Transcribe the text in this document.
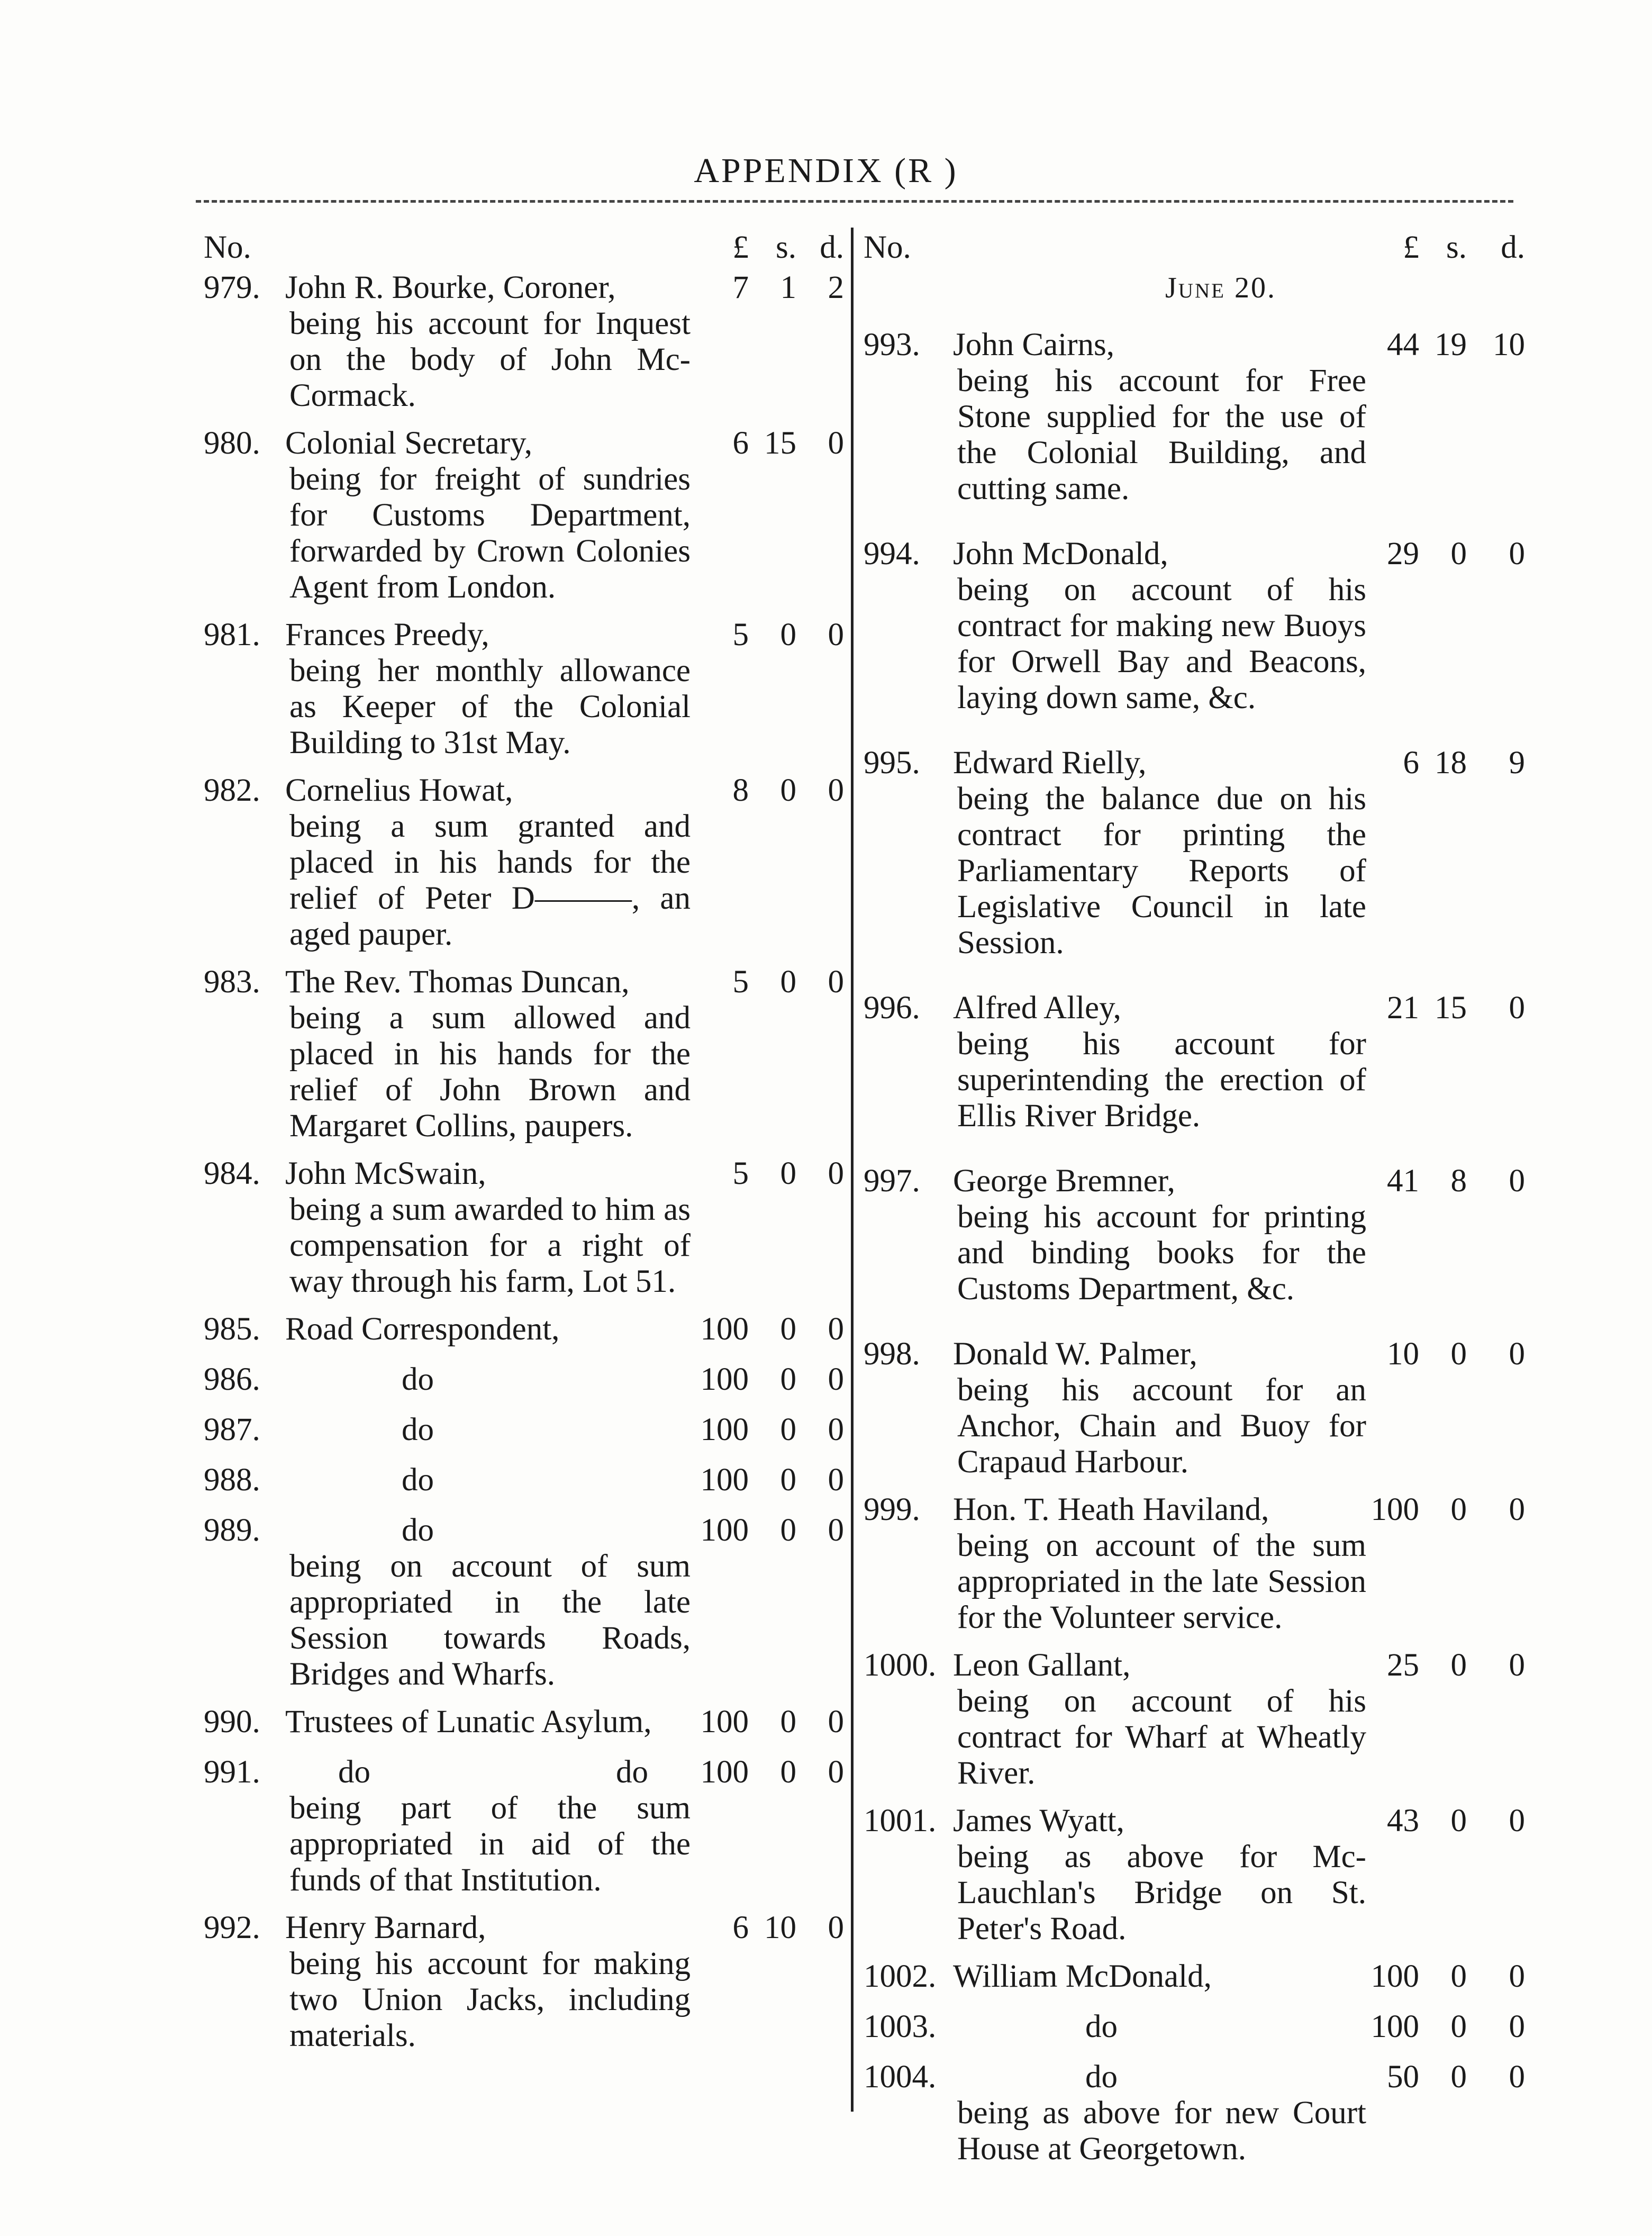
APPENDIX (R )
No.	£ s. d.
979. John R. Bourke, Coroner,
being his account for Inquest on the body of John Mc-Cormack.
7 1 2
980. Colonial Secretary,
being for freight of sundries for Customs Department, forwarded by Crown Colonies Agent from London.
6 15 0
981. Frances Preedy,
being her monthly allowance as Keeper of the Colonial Building to 31st May.
5 0 0
982. Cornelius Howat,
being a sum granted and placed in his hands for the relief of Peter D———, an aged pauper.
8 0 0
983. The Rev. Thomas Duncan,
being a sum allowed and placed in his hands for the relief of John Brown and Margaret Collins, paupers.
5 0 0
984. John McSwain,
being a sum awarded to him as compensation for a right of way through his farm, Lot 51.
5 0 0
985. Road Correspondent,	100 0 0
986.	do	100 0 0
987.	do	100 0 0
988.	do	100 0 0
989.	do
being on account of sum appropriated in the late Session towards Roads, Bridges and Wharfs.
100 0 0
990. Trustees of Lunatic Asylum,	100 0 0
991.	do	do
being part of the sum appropriated in aid of the funds of that Institution.
100 0 0
992. Henry Barnard,
being his account for making two Union Jacks, including materials.
6 10 0
No.	£ s.	d.
June 20.
993.	John Cairns,
being his account for Free Stone supplied for the use of the Colonial Building, and cutting same.
44 19 10
994.	John McDonald,
being on account of his contract for making new Buoys for Orwell Bay and Beacons, laying down same, &c.
29 0	0
995.	Edward Rielly,
being the balance due on his contract for printing the Parliamentary Reports of Legislative Council in late Session.
6 18	9
996.	Alfred Alley,
being his account for superintending the erection of Ellis River Bridge.
21 15	0
997.	George Bremner,
being his account for printing and binding books for the Customs Department, &c.
41 8	0
998.	Donald W. Palmer,
being his account for an Anchor, Chain and Buoy for Crapaud Harbour.
10 0	0
999.	Hon. T. Heath Haviland,
being on account of the sum appropriated in the late Session for the Volunteer service.
100 0	0
1000. Leon Gallant,
being on account of his contract for Wharf at Wheatly River.
25 0	0
1001. James Wyatt,
being as above for Mc-Lauchlan's Bridge on St. Peter's Road.
43 0	0
1002. William McDonald,	100 0	0
1003.	do	100 0	0
1004.	do
being as above for new Court House at Georgetown.
50 0	0
